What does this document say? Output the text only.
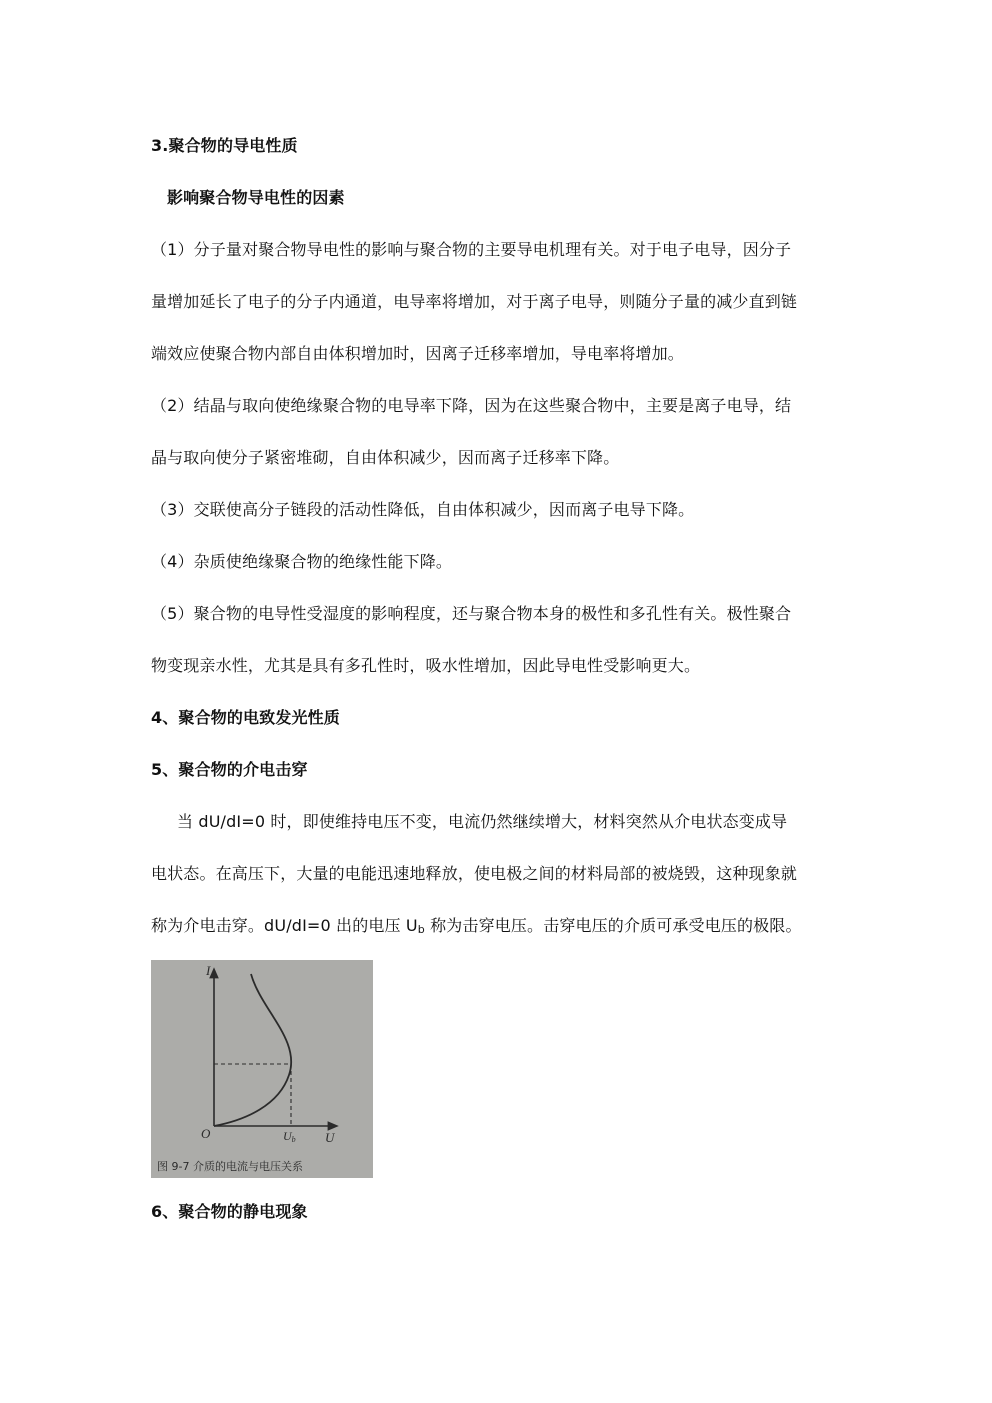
3.聚合物的导电性质
影响聚合物导电性的因素
（1）分子量对聚合物导电性的影响与聚合物的主要导电机理有关。对于电子电导，因分子
量增加延长了电子的分子内通道，电导率将增加，对于离子电导，则随分子量的减少直到链
端效应使聚合物内部自由体积增加时，因离子迁移率增加，导电率将增加。
（2）结晶与取向使绝缘聚合物的电导率下降，因为在这些聚合物中，主要是离子电导，结
晶与取向使分子紧密堆砌，自由体积减少，因而离子迁移率下降。
（3）交联使高分子链段的活动性降低，自由体积减少，因而离子电导下降。
（4）杂质使绝缘聚合物的绝缘性能下降。
（5）聚合物的电导性受湿度的影响程度，还与聚合物本身的极性和多孔性有关。极性聚合
物变现亲水性，尤其是具有多孔性时，吸水性增加，因此导电性受影响更大。
4、聚合物的电致发光性质
5、聚合物的介电击穿
当 dU/dI=0 时，即使维持电压不变，电流仍然继续增大，材料突然从介电状态变成导
电状态。在高压下，大量的电能迅速地释放，使电极之间的材料局部的被烧毁，这种现象就
称为介电击穿。dU/dI=0 出的电压 $U_b$ 称为击穿电压。击穿电压的介质可承受电压的极限。
I
U
O	Ub
图 9-7 介质的电流与电压关系
6、聚合物的静电现象
